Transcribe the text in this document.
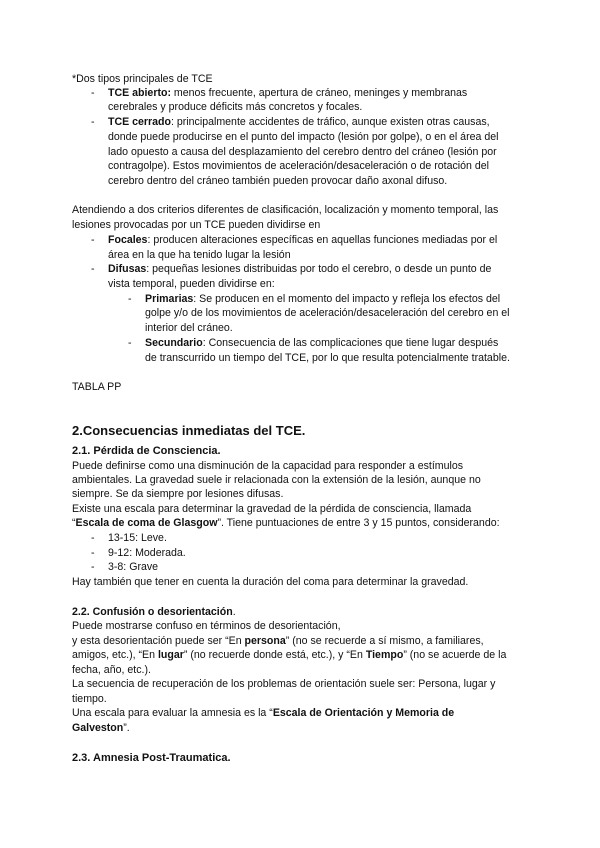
*Dos tipos principales de TCE
- TCE abierto: menos frecuente, apertura de cráneo, meninges y membranas
cerebrales y produce déficits más concretos y focales.
- TCE cerrado: principalmente accidentes de tráfico, aunque existen otras causas,
donde puede producirse en el punto del impacto (lesión por golpe), o en el área del
lado opuesto a causa del desplazamiento del cerebro dentro del cráneo (lesión por
contragolpe). Estos movimientos de aceleración/desaceleración o de rotación del
cerebro dentro del cráneo también pueden provocar daño axonal difuso.
Atendiendo a dos criterios diferentes de clasificación, localización y momento temporal, las
lesiones provocadas por un TCE pueden dividirse en
- Focales: producen alteraciones específicas en aquellas funciones mediadas por el
área en la que ha tenido lugar la lesión
- Difusas: pequeñas lesiones distribuidas por todo el cerebro, o desde un punto de
vista temporal, pueden dividirse en:
- Primarias: Se producen en el momento del impacto y refleja los efectos del
golpe y/o de los movimientos de aceleración/desaceleración del cerebro en el
interior del cráneo.
- Secundario: Consecuencia de las complicaciones que tiene lugar después
de transcurrido un tiempo del TCE, por lo que resulta potencialmente tratable.
TABLA PP
2.Consecuencias inmediatas del TCE.
2.1. Pérdida de Consciencia.
Puede definirse como una disminución de la capacidad para responder a estímulos
ambientales. La gravedad suele ir relacionada con la extensión de la lesión, aunque no
siempre. Se da siempre por lesiones difusas.
Existe una escala para determinar la gravedad de la pérdida de consciencia, llamada
“Escala de coma de Glasgow”. Tiene puntuaciones de entre 3 y 15 puntos, considerando:
- 13-15: Leve.
- 9-12: Moderada.
- 3-8: Grave
Hay también que tener en cuenta la duración del coma para determinar la gravedad.
2.2. Confusión o desorientación.
Puede mostrarse confuso en términos de desorientación,
y esta desorientación puede ser “En persona” (no se recuerde a sí mismo, a familiares,
amigos, etc.), “En lugar” (no recuerde donde está, etc.), y “En Tiempo” (no se acuerde de la
fecha, año, etc.).
La secuencia de recuperación de los problemas de orientación suele ser: Persona, lugar y
tiempo.
Una escala para evaluar la amnesia es la “Escala de Orientación y Memoria de
Galveston”.
2.3. Amnesia Post-Traumatica.
